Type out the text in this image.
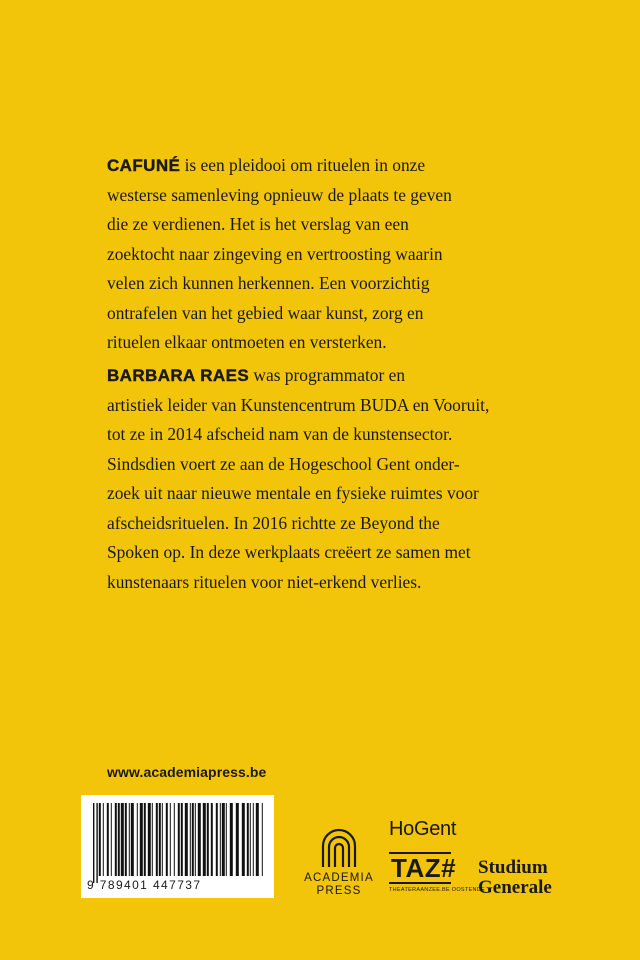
CAFUNÉ is een pleidooi om rituelen in onze
westerse samenleving opnieuw de plaats te geven
die ze verdienen. Het is het verslag van een
zoektocht naar zingeving en vertroosting waarin
velen zich kunnen herkennen. Een voorzichtig
ontrafelen van het gebied waar kunst, zorg en
rituelen elkaar ontmoeten en versterken.

BARBARA RAES was programmator en
artistiek leider van Kunstencentrum BUDA en Vooruit,
tot ze in 2014 afscheid nam van de kunstensector.
Sindsdien voert ze aan de Hogeschool Gent onder-
zoek uit naar nieuwe mentale en fysieke ruimtes voor
afscheidsrituelen. In 2016 richtte ze Beyond the
Spoken op. In deze werkplaats creëert ze samen met
kunstenaars rituelen voor niet-erkend verlies.

www.academiapress.be
9 789401 447737	ACADEMIA
PRESS
HoGent
TAZ#
THEATERAANZEE.BE OOSTENDE
Studium
Generale
